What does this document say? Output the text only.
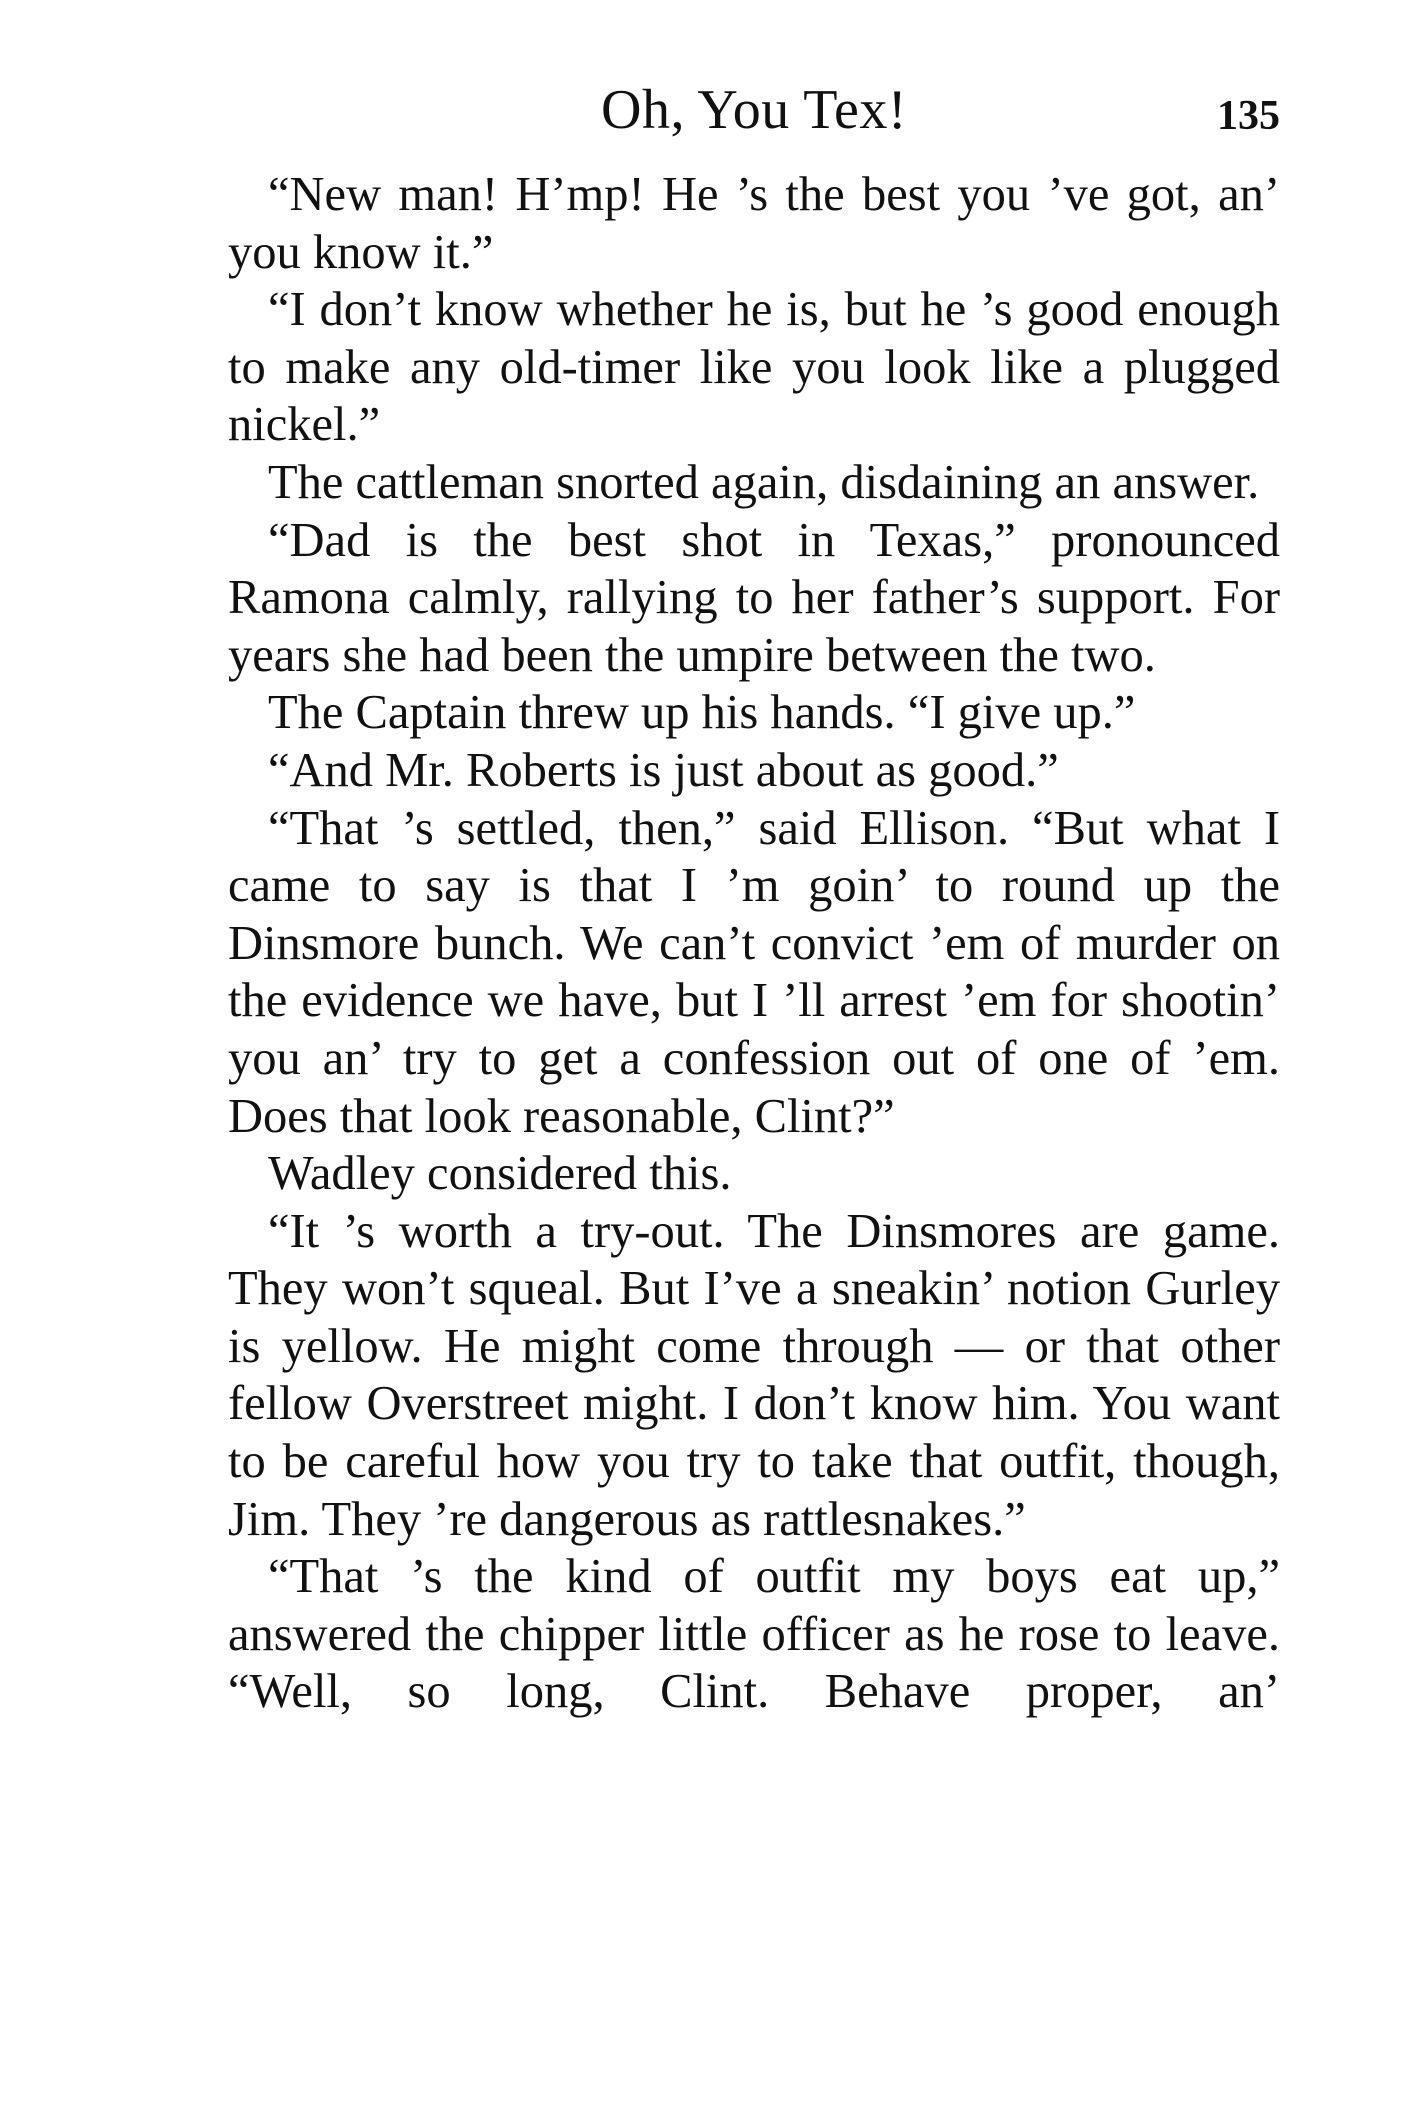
Oh, You Tex!	135

“New man! H’mp! He ’s the best you ’ve got, an’ you know it.”

“I don’t know whether he is, but he ’s good enough to make any old-timer like you look like a plugged nickel.”

The cattleman snorted again, disdaining an answer.

“Dad is the best shot in Texas,” pronounced Ramona calmly, rallying to her father’s support. For years she had been the umpire between the two.

The Captain threw up his hands. “I give up.”

“And Mr. Roberts is just about as good.”

“That ’s settled, then,” said Ellison. “But what I came to say is that I ’m goin’ to round up the Dinsmore bunch. We can’t convict ’em of murder on the evidence we have, but I ’ll arrest ’em for shootin’ you an’ try to get a confession out of one of ’em. Does that look reasonable, Clint?”

Wadley considered this.

“It ’s worth a try-out. The Dinsmores are game. They won’t squeal. But I’ve a sneakin’ notion Gurley is yellow. He might come through — or that other fellow Overstreet might. I don’t know him. You want to be careful how you try to take that outfit, though, Jim. They ’re dangerous as rattlesnakes.”

“That ’s the kind of outfit my boys eat up,” answered the chipper little officer as he rose to leave. “Well, so long, Clint. Behave proper, an’
